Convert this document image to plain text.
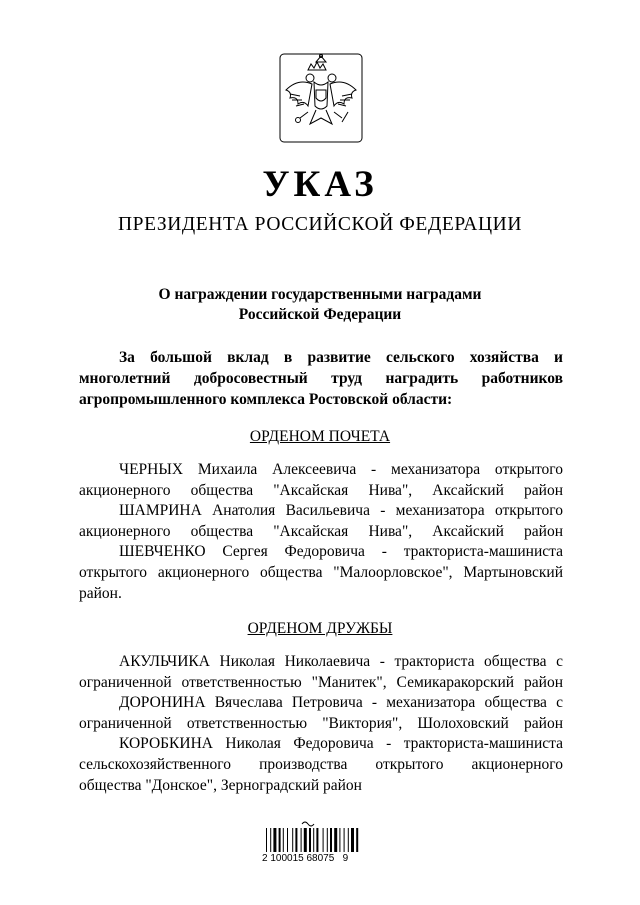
УКАЗ
ПРЕЗИДЕНТА РОССИЙСКОЙ ФЕДЕРАЦИИ
О награждении государственными наградами
Российской Федерации
За большой вклад в развитие сельского хозяйства и
многолетний добросовестный труд наградить работников
агропромышленного комплекса Ростовской области:
ОРДЕНОМ ПОЧЕТА
ЧЕРНЫХ Михаила Алексеевича - механизатора открытого
акционерного общества "Аксайская Нива", Аксайский район
ШАМРИНА Анатолия Васильевича - механизатора открытого
акционерного общества "Аксайская Нива", Аксайский район
ШЕВЧЕНКО Сергея Федоровича - тракториста-машиниста
открытого акционерного общества "Малоорловское", Мартыновский
район.
ОРДЕНОМ ДРУЖБЫ
АКУЛЬЧИКА Николая Николаевича - тракториста общества с
ограниченной ответственностью "Манитек", Семикаракорский район
ДОРОНИНА Вячеслава Петровича - механизатора общества с
ограниченной ответственностью "Виктория", Шолоховский район
КОРОБКИНА Николая Федоровича - тракториста-машиниста
сельскохозяйственного производства открытого акционерного
общества "Донское", Зерноградский район
2 100015 68075   9
